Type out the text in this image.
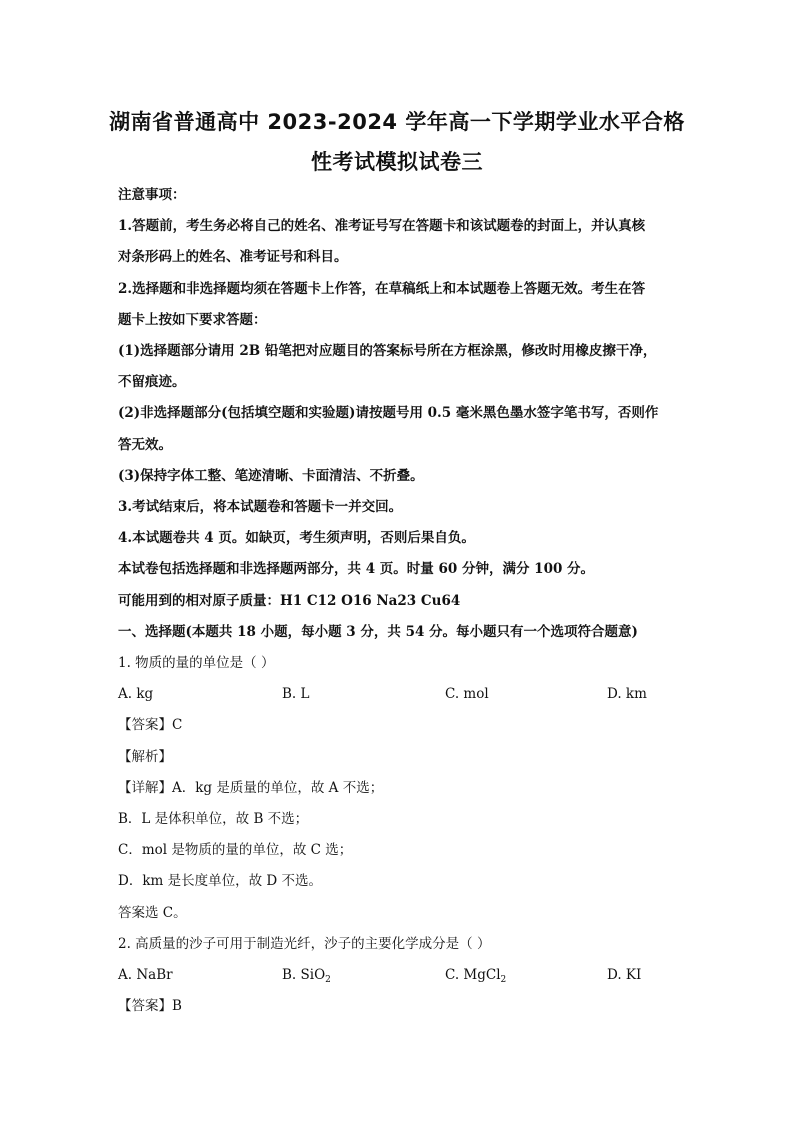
湖南省普通高中 2023-2024 学年高一下学期学业水平合格
性考试模拟试卷三
注意事项：
1.答题前，考生务必将自己的姓名、准考证号写在答题卡和该试题卷的封面上，并认真核
对条形码上的姓名、准考证号和科目。
2.选择题和非选择题均须在答题卡上作答，在草稿纸上和本试题卷上答题无效。考生在答
题卡上按如下要求答题：
(1)选择题部分请用 2B 铅笔把对应题目的答案标号所在方框涂黑，修改时用橡皮擦干净，
不留痕迹。
(2)非选择题部分(包括填空题和实验题)请按题号用 0.5 毫米黑色墨水签字笔书写，否则作
答无效。
(3)保持字体工整、笔迹清晰、卡面清洁、不折叠。
3.考试结束后，将本试题卷和答题卡一并交回。
4.本试题卷共 4 页。如缺页，考生须声明，否则后果自负。
本试卷包括选择题和非选择题两部分，共 4 页。时量 60 分钟，满分 100 分。
可能用到的相对原子质量：H1 C12 O16 Na23 Cu64
一、选择题(本题共 18 小题，每小题 3 分，共 54 分。每小题只有一个选项符合题意)
1. 物质的量的单位是（ ）
A. kg	B. L	C. mol	D. km
【答案】C
【解析】
【详解】A．kg 是质量的单位，故 A 不选；
B．L 是体积单位，故 B 不选；
C．mol 是物质的量的单位，故 C 选；
D．km 是长度单位，故 D 不选。
答案选 C。
2. 高质量的沙子可用于制造光纤，沙子的主要化学成分是（ ）
A. NaBr	B. SiO$_2$	C. MgCl$_2$	D. KI
【答案】B
